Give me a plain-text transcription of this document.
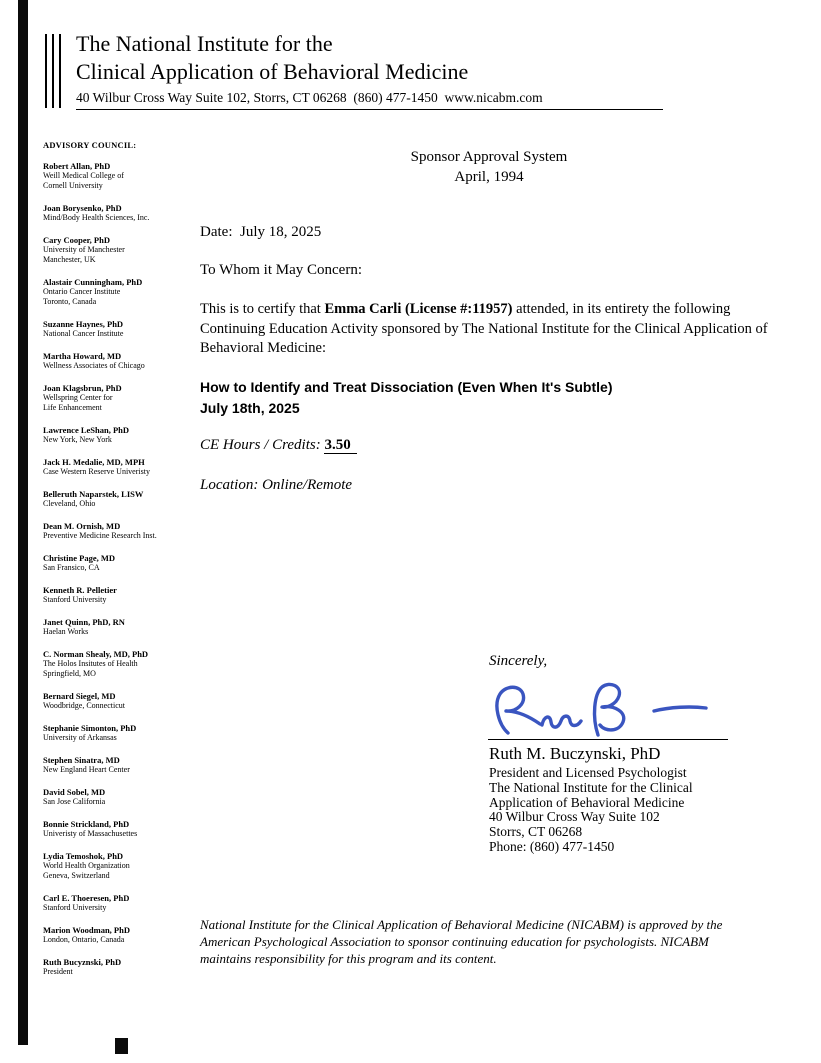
The National Institute for the
Clinical Application of Behavioral Medicine
40 Wilbur Cross Way Suite 102, Storrs, CT 06268  (860) 477-1450  www.nicabm.com
ADVISORY COUNCIL:
Robert Allan, PhD
Weill Medical College of
Cornell University
Joan Borysenko, PhD
Mind/Body Health Sciences, Inc.
Cary Cooper, PhD
University of Manchester
Manchester, UK
Alastair Cunningham, PhD
Ontario Cancer Institute
Toronto, Canada
Suzanne Haynes, PhD
National Cancer Institute
Martha Howard, MD
Wellness Associates of Chicago
Joan Klagsbrun, PhD
Wellspring Center for
Life Enhancement
Lawrence LeShan, PhD
New York, New York
Jack H. Medalie, MD, MPH
Case Western Reserve Univeristy
Belleruth Naparstek, LISW
Cleveland, Ohio
Dean M. Ornish, MD
Preventive Medicine Research Inst.
Christine Page, MD
San Fransico, CA
Kenneth R. Pelletier
Stanford University
Janet Quinn, PhD, RN
Haelan Works
C. Norman Shealy, MD, PhD
The Holos Insitutes of Health
Springfield, MO
Bernard Siegel, MD
Woodbridge, Connecticut
Stephanie Simonton, PhD
University of Arkansas
Stephen Sinatra, MD
New England Heart Center
David Sobel, MD
San Jose California
Bonnie Strickland, PhD
Univeristy of Massachusettes
Lydia Temoshok, PhD
World Health Organization
Geneva, Switzerland
Carl E. Thoeresen, PhD
Stanford University
Marion Woodman, PhD
London, Ontario, Canada
Ruth Bucyznski, PhD
President
Sponsor Approval System
April, 1994
Date:  July 18, 2025
To Whom it May Concern:

This is to certify that Emma Carli (License #:11957) attended, in its entirety the following Continuing Education Activity sponsored by The National Institute for the Clinical Application of Behavioral Medicine:

How to Identify and Treat Dissociation (Even When It's Subtle)
July 18th, 2025
CE Hours / Credits: 3.50
Location: Online/Remote
Sincerely,
Ruth M. Buczynski, PhD
President and Licensed Psychologist
The National Institute for the Clinical
Application of Behavioral Medicine
40 Wilbur Cross Way Suite 102
Storrs, CT 06268
Phone: (860) 477-1450
National Institute for the Clinical Application of Behavioral Medicine (NICABM) is approved by the
American Psychological Association to sponsor continuing education for psychologists. NICABM
maintains responsibility for this program and its content.
